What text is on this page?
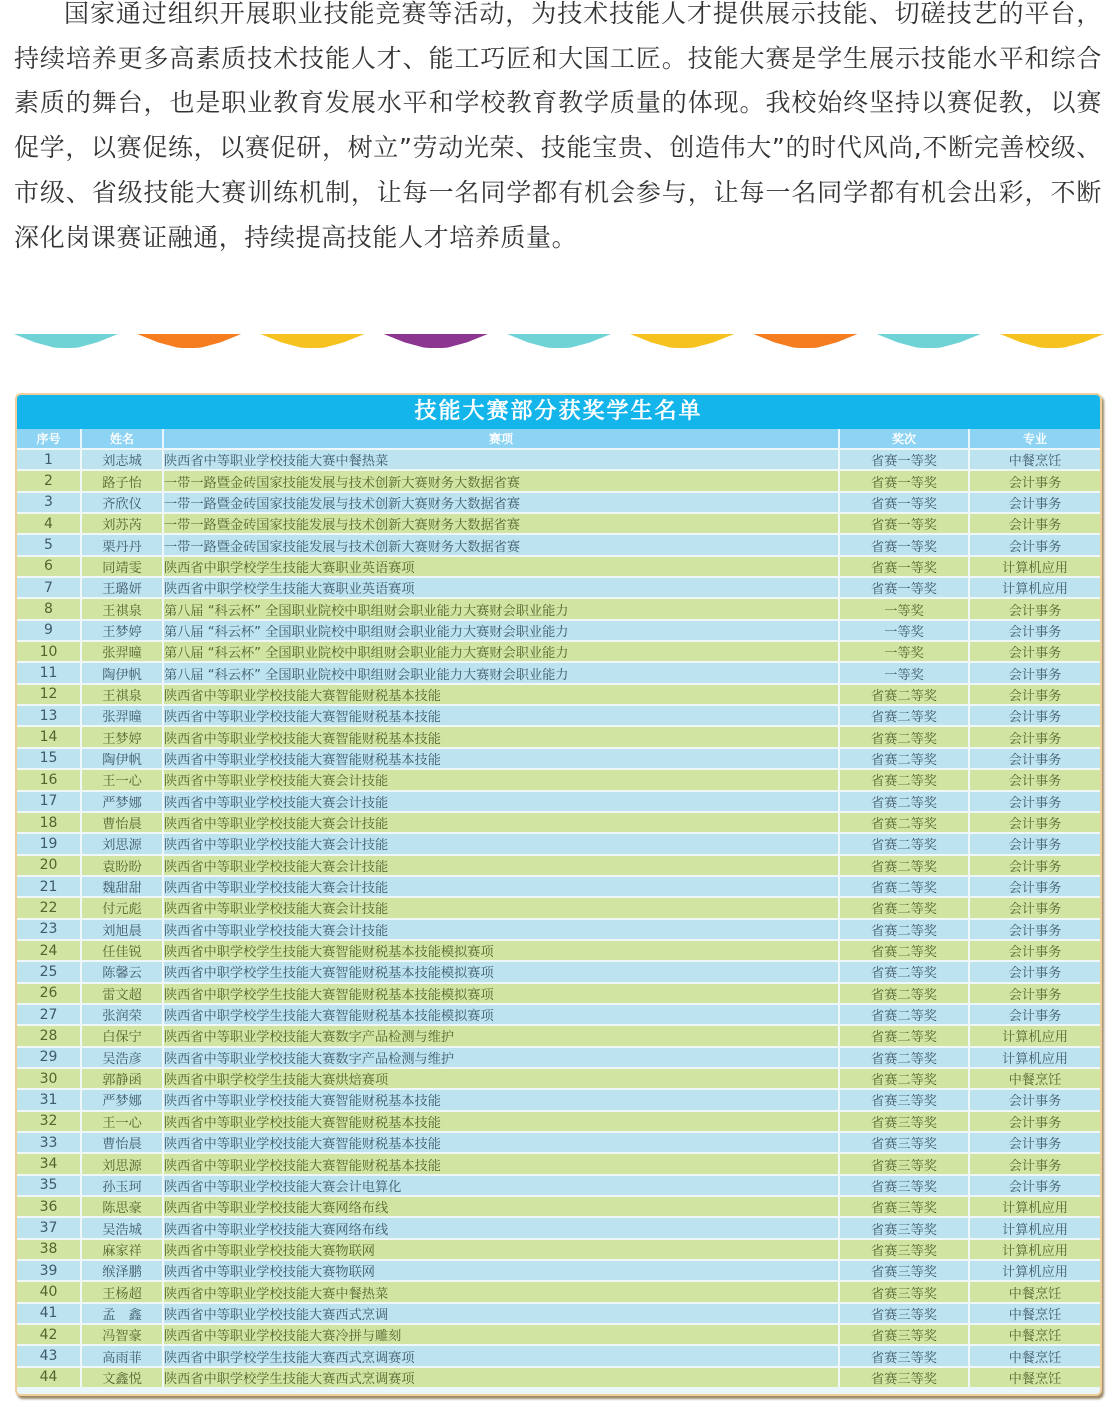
国家通过组织开展职业技能竞赛等活动，为技术技能人才提供展示技能、切磋技艺的平台，持续培养更多高素质技术技能人才、能工巧匠和大国工匠。技能大赛是学生展示技能水平和综合素质的舞台，也是职业教育发展水平和学校教育教学质量的体现。我校始终坚持以赛促教，以赛促学，以赛促练，以赛促研，树立”劳动光荣、技能宝贵、创造伟大”的时代风尚,不断完善校级、市级、省级技能大赛训练机制，让每一名同学都有机会参与，让每一名同学都有机会出彩，不断深化岗课赛证融通，持续提高技能人才培养质量。
技能大赛部分获奖学生名单
序号	姓名	赛项	奖次	专业
1	刘志城	陕西省中等职业学校技能大赛中餐热菜	省赛一等奖	中餐烹饪
2	路子怡	一带一路暨金砖国家技能发展与技术创新大赛财务大数据省赛	省赛一等奖	会计事务
3	齐欣仪	一带一路暨金砖国家技能发展与技术创新大赛财务大数据省赛	省赛一等奖	会计事务
4	刘苏芮	一带一路暨金砖国家技能发展与技术创新大赛财务大数据省赛	省赛一等奖	会计事务
5	栗丹丹	一带一路暨金砖国家技能发展与技术创新大赛财务大数据省赛	省赛一等奖	会计事务
6	同靖雯	陕西省中职学校学生技能大赛职业英语赛项	省赛一等奖	计算机应用
7	王璐妍	陕西省中职学校学生技能大赛职业英语赛项	省赛一等奖	计算机应用
8	王祺泉	第八届 “科云杯” 全国职业院校中职组财会职业能力大赛财会职业能力	一等奖	会计事务
9	王梦婷	第八届 “科云杯” 全国职业院校中职组财会职业能力大赛财会职业能力	一等奖	会计事务
10	张羿曈	第八届 “科云杯” 全国职业院校中职组财会职业能力大赛财会职业能力	一等奖	会计事务
11	陶伊帆	第八届 “科云杯” 全国职业院校中职组财会职业能力大赛财会职业能力	一等奖	会计事务
12	王祺泉	陕西省中等职业学校技能大赛智能财税基本技能	省赛二等奖	会计事务
13	张羿曈	陕西省中等职业学校技能大赛智能财税基本技能	省赛二等奖	会计事务
14	王梦婷	陕西省中等职业学校技能大赛智能财税基本技能	省赛二等奖	会计事务
15	陶伊帆	陕西省中等职业学校技能大赛智能财税基本技能	省赛二等奖	会计事务
16	王一心	陕西省中等职业学校技能大赛会计技能	省赛二等奖	会计事务
17	严梦娜	陕西省中等职业学校技能大赛会计技能	省赛二等奖	会计事务
18	曹怡晨	陕西省中等职业学校技能大赛会计技能	省赛二等奖	会计事务
19	刘思源	陕西省中等职业学校技能大赛会计技能	省赛二等奖	会计事务
20	袁盼盼	陕西省中等职业学校技能大赛会计技能	省赛二等奖	会计事务
21	魏甜甜	陕西省中等职业学校技能大赛会计技能	省赛二等奖	会计事务
22	付元彪	陕西省中等职业学校技能大赛会计技能	省赛二等奖	会计事务
23	刘旭晨	陕西省中等职业学校技能大赛会计技能	省赛二等奖	会计事务
24	任佳锐	陕西省中职学校学生技能大赛智能财税基本技能模拟赛项	省赛二等奖	会计事务
25	陈馨云	陕西省中职学校学生技能大赛智能财税基本技能模拟赛项	省赛二等奖	会计事务
26	雷文超	陕西省中职学校学生技能大赛智能财税基本技能模拟赛项	省赛二等奖	会计事务
27	张润荣	陕西省中职学校学生技能大赛智能财税基本技能模拟赛项	省赛二等奖	会计事务
28	白保宁	陕西省中等职业学校技能大赛数字产品检测与维护	省赛二等奖	计算机应用
29	吴浩彦	陕西省中等职业学校技能大赛数字产品检测与维护	省赛二等奖	计算机应用
30	郭静函	陕西省中职学校学生技能大赛烘焙赛项	省赛二等奖	中餐烹饪
31	严梦娜	陕西省中等职业学校技能大赛智能财税基本技能	省赛三等奖	会计事务
32	王一心	陕西省中等职业学校技能大赛智能财税基本技能	省赛三等奖	会计事务
33	曹怡晨	陕西省中等职业学校技能大赛智能财税基本技能	省赛三等奖	会计事务
34	刘思源	陕西省中等职业学校技能大赛智能财税基本技能	省赛三等奖	会计事务
35	孙玉珂	陕西省中等职业学校技能大赛会计电算化	省赛三等奖	会计事务
36	陈思豪	陕西省中等职业学校技能大赛网络布线	省赛三等奖	计算机应用
37	吴浩城	陕西省中等职业学校技能大赛网络布线	省赛三等奖	计算机应用
38	麻家祥	陕西省中等职业学校技能大赛物联网	省赛三等奖	计算机应用
39	缑泽鹏	陕西省中等职业学校技能大赛物联网	省赛三等奖	计算机应用
40	王杨超	陕西省中等职业学校技能大赛中餐热菜	省赛三等奖	中餐烹饪
41	孟　鑫	陕西省中等职业学校技能大赛西式烹调	省赛三等奖	中餐烹饪
42	冯智豪	陕西省中等职业学校技能大赛冷拼与雕刻	省赛三等奖	中餐烹饪
43	高雨菲	陕西省中职学校学生技能大赛西式烹调赛项	省赛三等奖	中餐烹饪
44	文鑫悦	陕西省中职学校学生技能大赛西式烹调赛项	省赛三等奖	中餐烹饪
